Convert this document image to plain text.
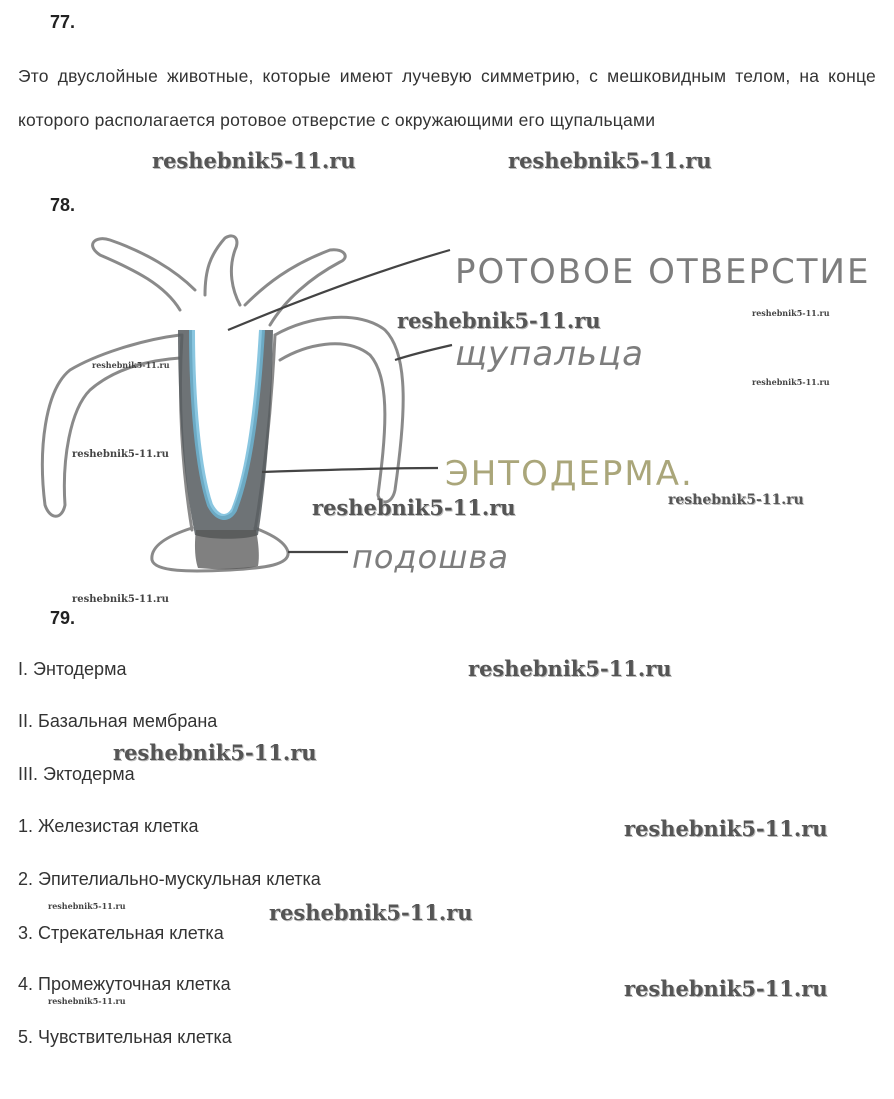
77.
Это двуслойные животные, которые имеют лучевую симметрию, с мешковидным телом, на конце которого располагается ротовое отверстие с окружающими его щупальцами
78.
РОТОВОЕ ОТВЕРСТИЕ
щупальца
ЭНТОДЕРМА.
подошва
79.
I. Энтодерма
II. Базальная мембрана
III. Эктодерма
1. Железистая клетка
2. Эпителиально-мускульная клетка
3. Стрекательная клетка
4. Промежуточная клетка
5. Чувствительная клетка
reshebnik5-11.ru	reshebnik5-11.ru
reshebnik5-11.ru	reshebnik5-11.ru
reshebnik5-11.ru
reshebnik5-11.ru
reshebnik5-11.ru
reshebnik5-11.ru	reshebnik5-11.ru
reshebnik5-11.ru
reshebnik5-11.ru
reshebnik5-11.ru
reshebnik5-11.ru
reshebnik5-11.ru	reshebnik5-11.ru
reshebnik5-11.ru
reshebnik5-11.ru
